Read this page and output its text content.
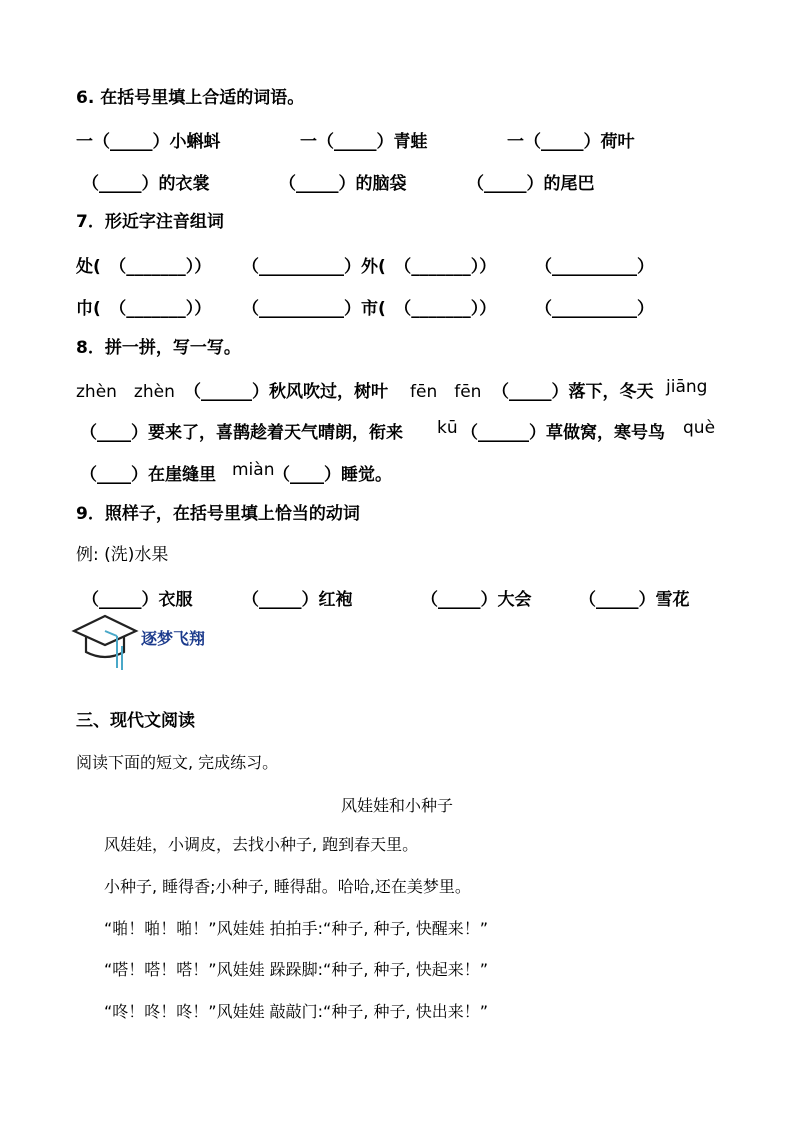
6. 在括号里填上合适的词语。
一（_____）小蝌蚪	一（_____）青蛙	一（_____）荷叶
（_____）的衣裳	（_____）的脑袋	（_____）的尾巴
7．形近字注音组词
处(　（_______）） （__________）外(　（_______）） （__________）
巾(　（_______）） （__________）市(　（_______）） （__________）
8．拼一拼，写一写。
zhèn　zhèn （______）秋风吹过，树叶 fēn　fēn （_____）落下，冬天 jiāng
（____）要来了，喜鹊趁着天气晴朗，衔来 kū （______）草做窝，寒号鸟 què
（____）在崖缝里 miàn
（____）睡觉。
9．照样子，在括号里填上恰当的动词
例: (洗)水果
（_____）衣服	（_____）红袍	（_____）大会	（_____）雪花
逐梦飞翔
三、现代文阅读
阅读下面的短文, 完成练习。
风娃娃和小种子
风娃娃，小调皮，去找小种子, 跑到春天里。
小种子, 睡得香;小种子, 睡得甜。哈哈,还在美梦里。
“啪！啪！啪！”风娃娃 拍拍手:“种子, 种子, 快醒来！”
“嗒！嗒！嗒！”风娃娃 跺跺脚:“种子, 种子, 快起来！”
“咚！咚！咚！”风娃娃 敲敲门:“种子, 种子, 快出来！”
